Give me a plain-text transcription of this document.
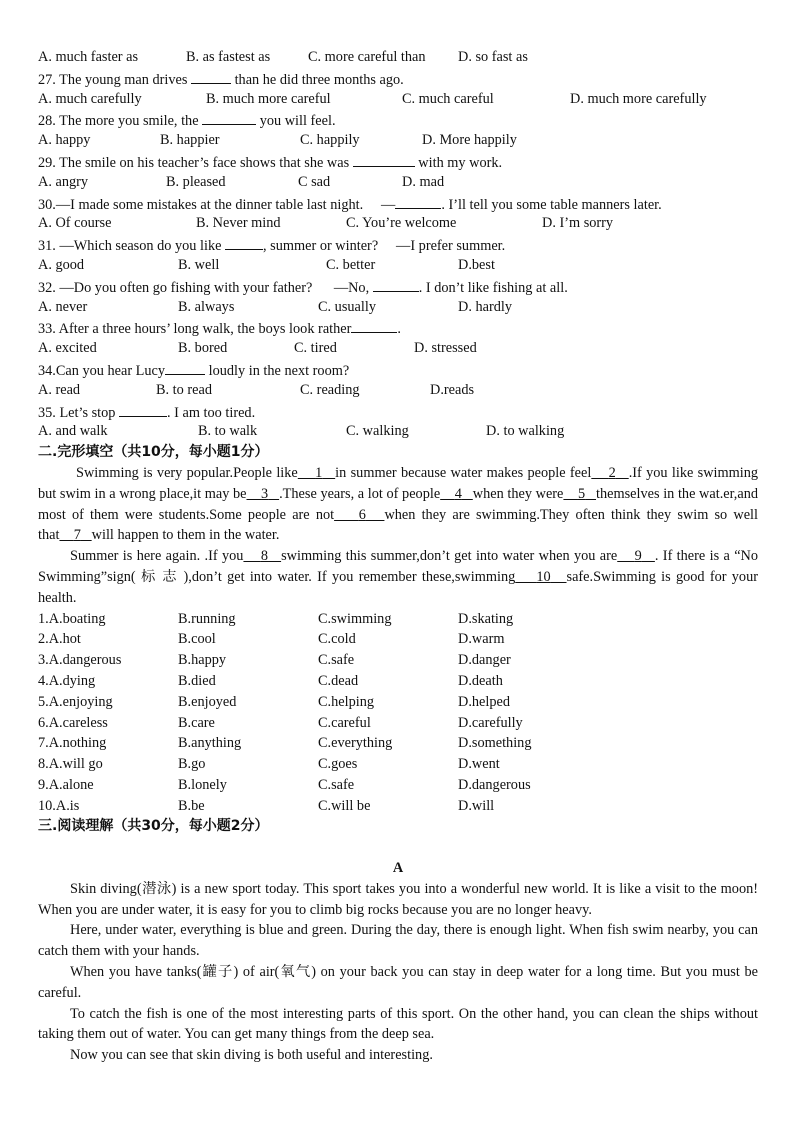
A. much faster as	B. as fastest as	C. more careful than D. so fast as
27. The young man drives	than he did three months ago.
A. much carefully	B. much more careful	C. much careful	D. much more carefully
28. The more you smile, the	you will feel.
A. happy	B. happier	C. happily	D. More happily
29. The smile on his teacher’s face shows that she was	with my work.
A. angry	B. pleased	C sad	D. mad
30.—I made some mistakes at the dinner table last night.     —	. I’ll tell you some table manners later.
A. Of course	B. Never mind	C. You’re welcome	D. I’m sorry
31. —Which season do you like	, summer or winter?     —I prefer summer.
A. good	B. well	C. better	D.best
32. —Do you often go fishing with your father?      —No,	. I don’t like fishing at all.
A. never	B. always	C. usually	D. hardly
33. After a three hours’ long walk, the boys look rather	.
A. excited	B. bored	C. tired	D. stressed
34.Can you hear Lucy	loudly in the next room?
A. read	B. to read	C. reading	D.reads
35. Let’s stop	. I am too tired.
A. and walk	B. to walk	C. walking	D. to walking
二.完形填空（共10分，每小题1分）
Swimming is very popular.People like 1 in summer because water makes people feel 2 .If you like swimming but swim in a wrong place,it may be 3 .These years, a lot of people 4 when they were 5 themselves in the wat.er,and most of them were students.Some people are not 6 when they are swimming.They often think they swim so well that 7 will happen to them in the water.
Summer is here again. .If you 8 swimming this summer,don’t get into water when you are 9 . If there is a “No Swimming”sign( 标 志 ),don’t get into water. If you remember these,swimming 10 safe.Swimming is good for your health.
1.A.boating	B.running	C.swimming	D.skating
2.A.hot	B.cool	C.cold	D.warm
3.A.dangerous	B.happy	C.safe	D.danger
4.A.dying	B.died	C.dead	D.death
5.A.enjoying	B.enjoyed	C.helping	D.helped
6.A.careless	B.care	C.careful	D.carefully
7.A.nothing	B.anything	C.everything	D.something
8.A.will go	B.go	C.goes	D.went
9.A.alone	B.lonely	C.safe	D.dangerous
10.A.is	B.be	C.will be	D.will
三.阅读理解（共30分，每小题2分）
A
Skin diving(潜泳) is a new sport today. This sport takes you into a wonderful new world. It is like a visit to the moon! When you are under water, it is easy for you to climb big rocks because you are no longer heavy.
Here, under water, everything is blue and green. During the day, there is enough light. When fish swim nearby, you can catch them with your hands.
When you have tanks(罐子) of air(氧气) on your back you can stay in deep water for a long time. But you must be careful.
To catch the fish is one of the most interesting parts of this sport. On the other hand, you can clean the ships without taking them out of water. You can get many things from the deep sea.
Now you can see that skin diving is both useful and interesting.
